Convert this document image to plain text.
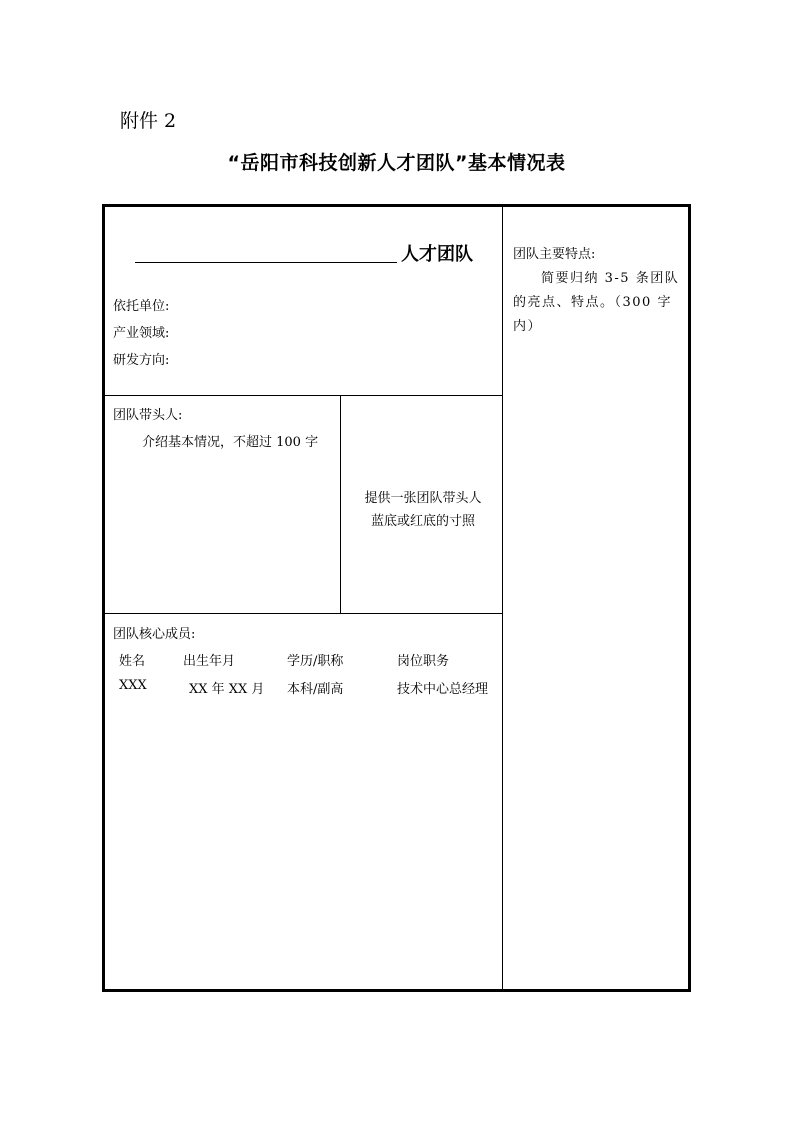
附件 2
“岳阳市科技创新人才团队”基本情况表
人才团队
依托单位:
产业领域:
研发方向:
团队带头人:
介绍基本情况，不超过 100 字
提供一张团队带头人
蓝底或红底的寸照
团队核心成员:
姓名	出生年月	学历/职称	岗位职务
XXX	XX 年 XX 月 本科/副高	技术中心总经理
团队主要特点:
简要归纳 3-5 条团队的亮点、特点。（300 字内）
